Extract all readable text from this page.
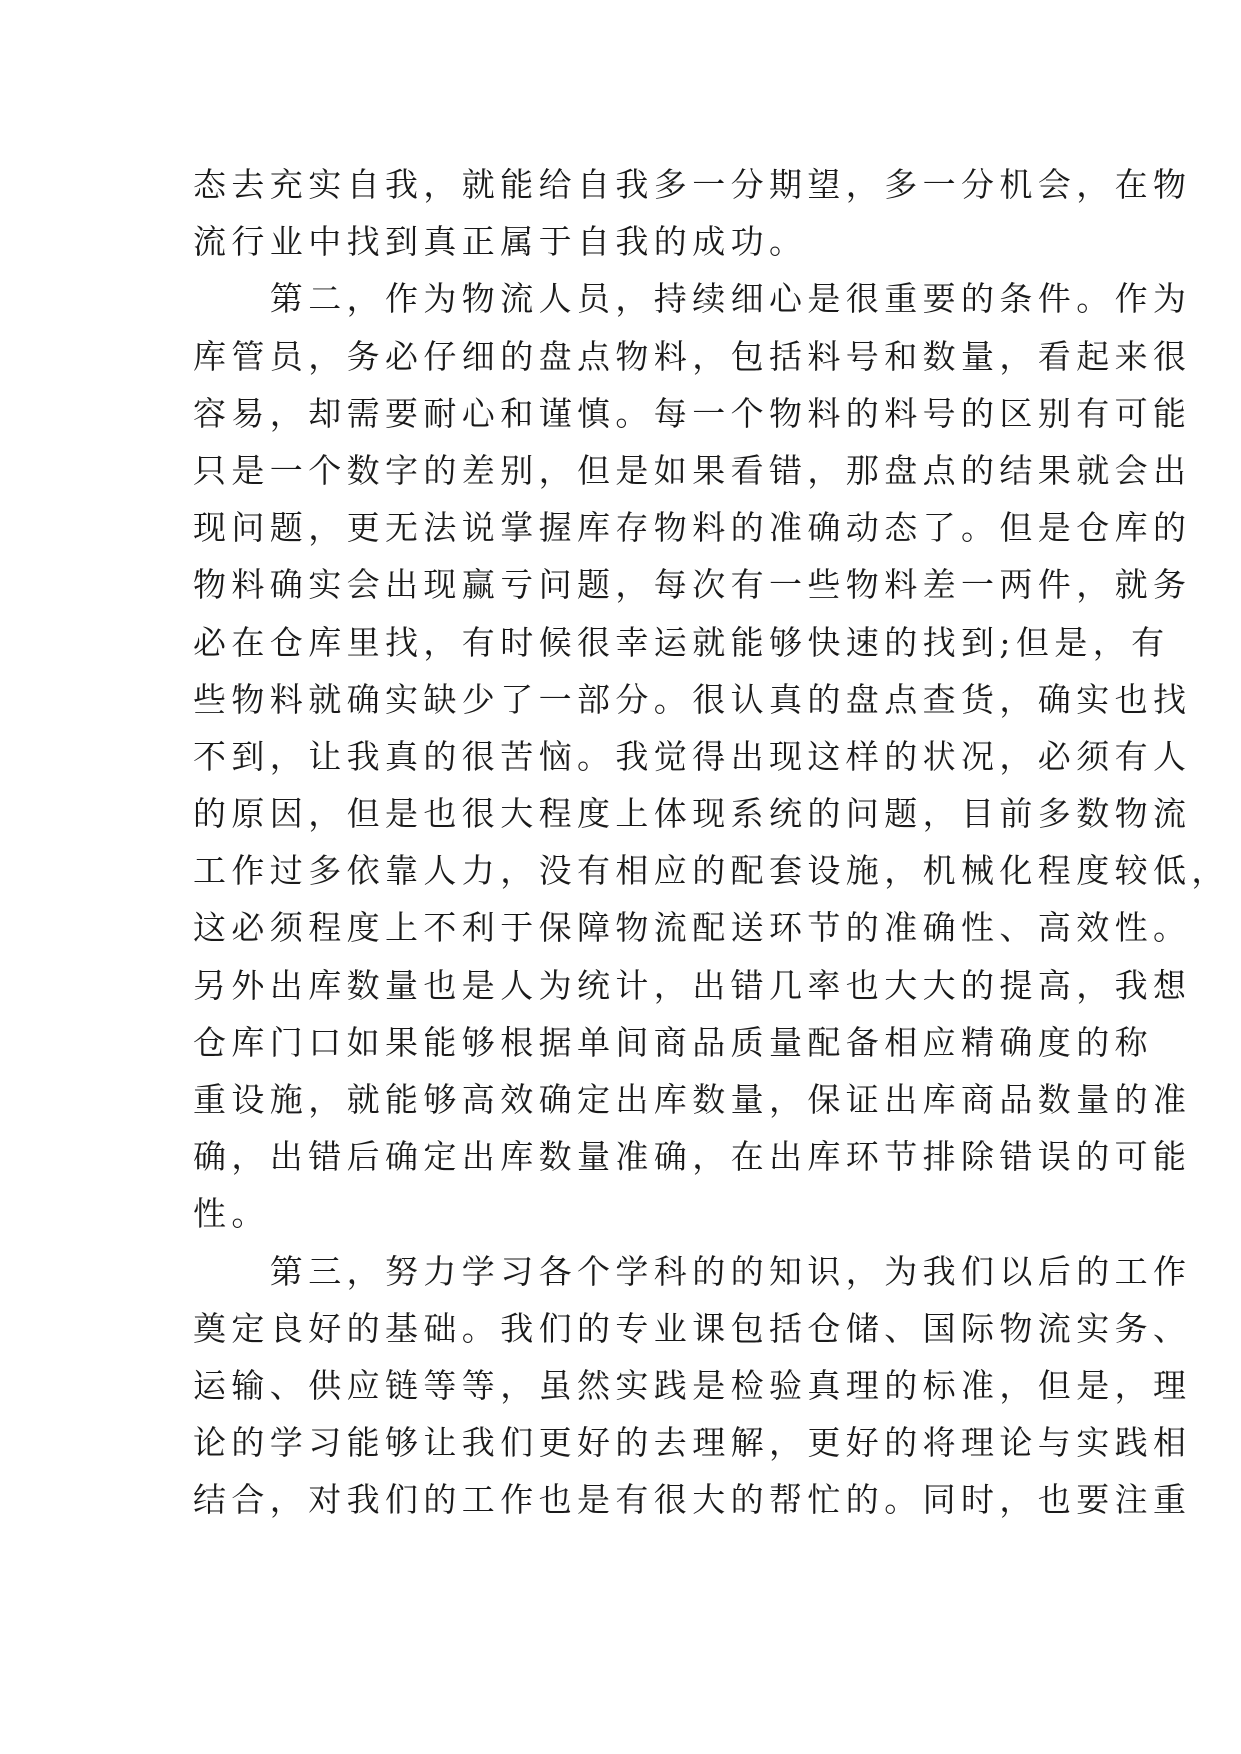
态去充实自我，就能给自我多一分期望，多一分机会，在物
流行业中找到真正属于自我的成功。
　　第二，作为物流人员，持续细心是很重要的条件。作为
库管员，务必仔细的盘点物料，包括料号和数量，看起来很
容易，却需要耐心和谨慎。每一个物料的料号的区别有可能
只是一个数字的差别，但是如果看错，那盘点的结果就会出
现问题，更无法说掌握库存物料的准确动态了。但是仓库的
物料确实会出现赢亏问题，每次有一些物料差一两件，就务
必在仓库里找，有时候很幸运就能够快速的找到;但是，有
些物料就确实缺少了一部分。很认真的盘点查货，确实也找
不到，让我真的很苦恼。我觉得出现这样的状况，必须有人
的原因，但是也很大程度上体现系统的问题，目前多数物流
工作过多依靠人力，没有相应的配套设施，机械化程度较低，
这必须程度上不利于保障物流配送环节的准确性、高效性。
另外出库数量也是人为统计，出错几率也大大的提高，我想
仓库门口如果能够根据单间商品质量配备相应精确度的称
重设施，就能够高效确定出库数量，保证出库商品数量的准
确，出错后确定出库数量准确，在出库环节排除错误的可能
性。
　　第三，努力学习各个学科的的知识，为我们以后的工作
奠定良好的基础。我们的专业课包括仓储、国际物流实务、
运输、供应链等等，虽然实践是检验真理的标准，但是，理
论的学习能够让我们更好的去理解，更好的将理论与实践相
结合，对我们的工作也是有很大的帮忙的。同时，也要注重
